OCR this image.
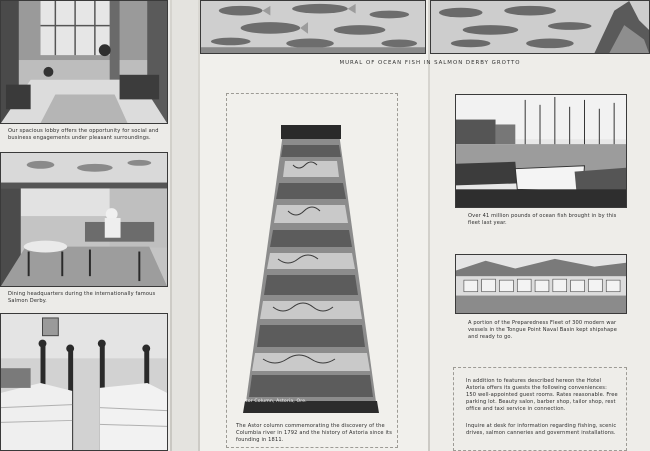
Our spacious lobby offers the opportunity for social and business engagements under pleasant surroundings.
Dining headquarters during the internationally famous Salmon Derby.
MURAL OF OCEAN FISH IN SALMON DERBY GROTTO
Astor Column, Astoria, Ore.
The Astor column commemorating the discovery of the Columbia river in 1792 and the history of Astoria since its founding in 1811.
Over 41 million pounds of ocean fish brought in by this fleet last year.
A portion of the Preparedness Fleet of 300 modern war vessels in the Tongue Point Naval Basin kept shipshape and ready to go.
In addition to features described hereon the Hotel Astoria offers its guests the following conveniences: 150 well-appointed guest rooms. Rates reasonable. Free parking lot. Beauty salon, barber shop, tailor shop, rest office and taxi service in connection.
Inquire at desk for information regarding fishing, scenic drives, salmon canneries and government installations.
